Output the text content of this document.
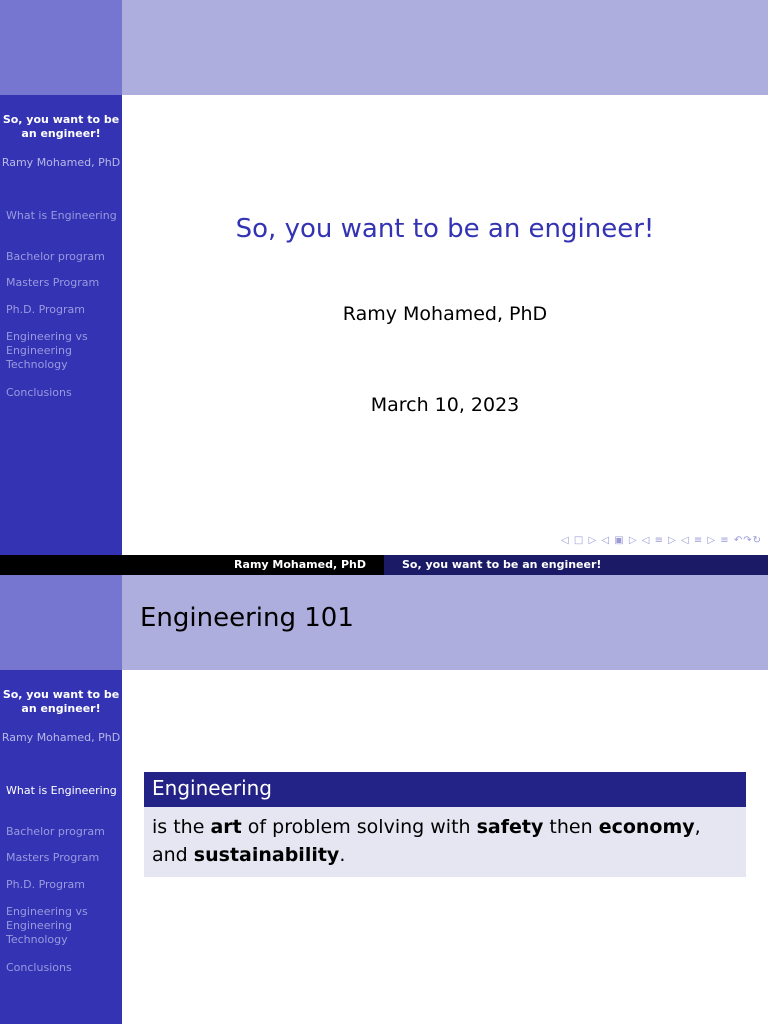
So, you want to be an engineer!
Ramy Mohamed, PhD
What is Engineering
Bachelor program
Masters Program
Ph.D. Program
Engineering vs Engineering Technology
Conclusions
So, you want to be an engineer!
Ramy Mohamed, PhD
March 10, 2023
◁ □ ▷ ◁ ▣ ▷ ◁ ≡ ▷ ◁ ≡ ▷ ≡ ↶↷↻
Ramy Mohamed, PhD	So, you want to be an engineer!
Engineering 101
So, you want to be an engineer!
Ramy Mohamed, PhD
What is Engineering
Bachelor program
Masters Program
Ph.D. Program
Engineering vs Engineering Technology
Conclusions
Engineering
is the art of problem solving with safety then economy, and sustainability.
